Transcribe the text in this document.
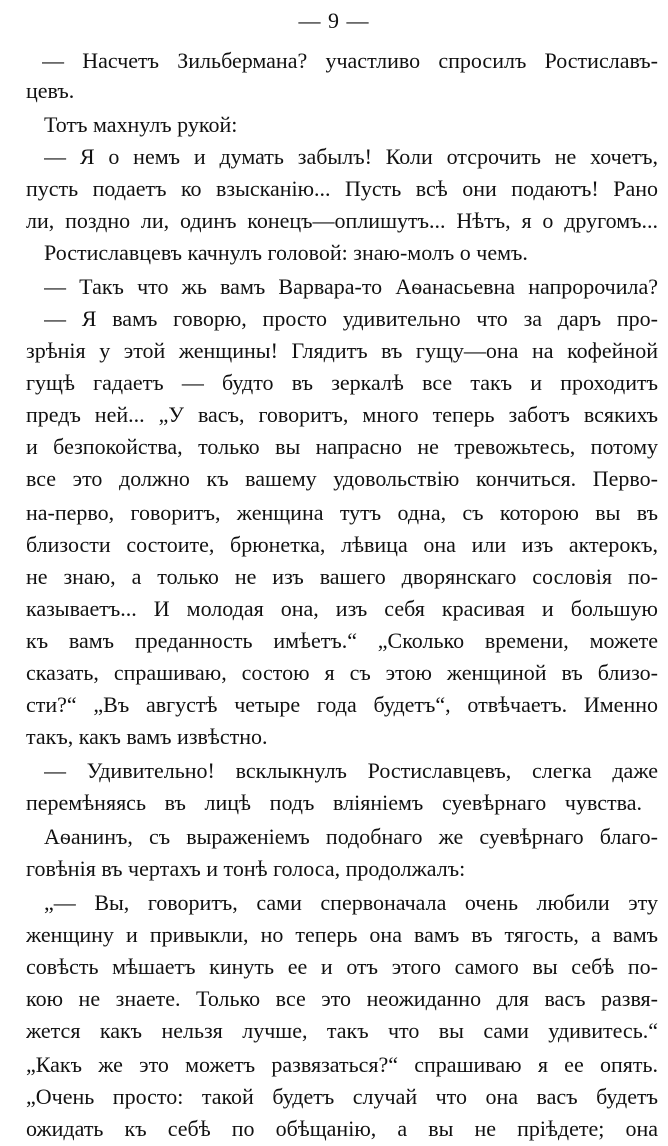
— 9 —
— Насчетъ Зильбермана? участливо спросилъ Ростиславъ-
цевъ.
Тотъ махнулъ рукой:
— Я о немъ и думать забылъ! Коли отсрочить не хочетъ,
пусть подаетъ ко взысканію... Пусть всѣ они подаютъ! Рано
ли, поздно ли, одинъ конецъ—оплишутъ... Нѣтъ, я о другомъ...
Ростиславцевъ качнулъ головой: знаю-молъ о чемъ.
— Такъ что жь вамъ Варвара-то Аѳанасьевна напророчила?
— Я вамъ говорю, просто удивительно что за даръ про-
зрѣнія у этой женщины! Глядитъ въ гущу—она на кофейной
гущѣ гадаетъ — будто въ зеркалѣ все такъ и проходитъ
предъ ней... „У васъ, говоритъ, много теперь заботъ всякихъ
и безпокойства, только вы напрасно не тревожьтесь, потому
все это должно къ вашему удовольствію кончиться. Перво-
на-перво, говоритъ, женщина тутъ одна, съ которою вы въ
близости состоите, брюнетка, лѣвица она или изъ актерокъ,
не знаю, а только не изъ вашего дворянскаго сословія по-
казываетъ... И молодая она, изъ себя красивая и большую
къ вамъ преданность имѣетъ.“ „Сколько времени, можете
сказать, спрашиваю, состою я съ этою женщиной въ близо-
сти?“ „Въ августѣ четыре года будетъ“, отвѣчаетъ. Именно
такъ, какъ вамъ извѣстно.
— Удивительно! всклыкнулъ Ростиславцевъ, слегка даже
перемѣняясь въ лицѣ подъ вліяніемъ суевѣрнаго чувства.
Аѳанинъ, съ выраженіемъ подобнаго же суевѣрнаго благо-
говѣнія въ чертахъ и тонѣ голоса, продолжалъ:
„— Вы, говоритъ, сами спервоначала очень любили эту
женщину и привыкли, но теперь она вамъ въ тягость, а вамъ
совѣсть мѣшаетъ кинуть ее и отъ этого самого вы себѣ по-
кою не знаете. Только все это неожиданно для васъ развя-
жется какъ нельзя лучше, такъ что вы сами удивитесь.“
„Какъ же это можетъ развязаться?“ спрашиваю я ее опять.
„Очень просто: такой будетъ случай что она васъ будетъ
ожидать къ себѣ по обѣщанію, а вы не пріѣдете; она
